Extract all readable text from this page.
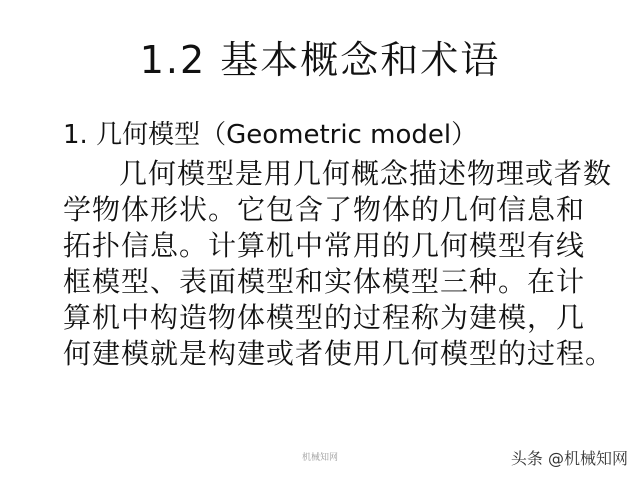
1.2 基本概念和术语
1. 几何模型（Geometric model）
几何模型是用几何概念描述物理或者数
学物体形状。它包含了物体的几何信息和
拓扑信息。计算机中常用的几何模型有线
框模型、表面模型和实体模型三种。在计
算机中构造物体模型的过程称为建模，几
何建模就是构建或者使用几何模型的过程。
机械知网	头条 @机械知网
